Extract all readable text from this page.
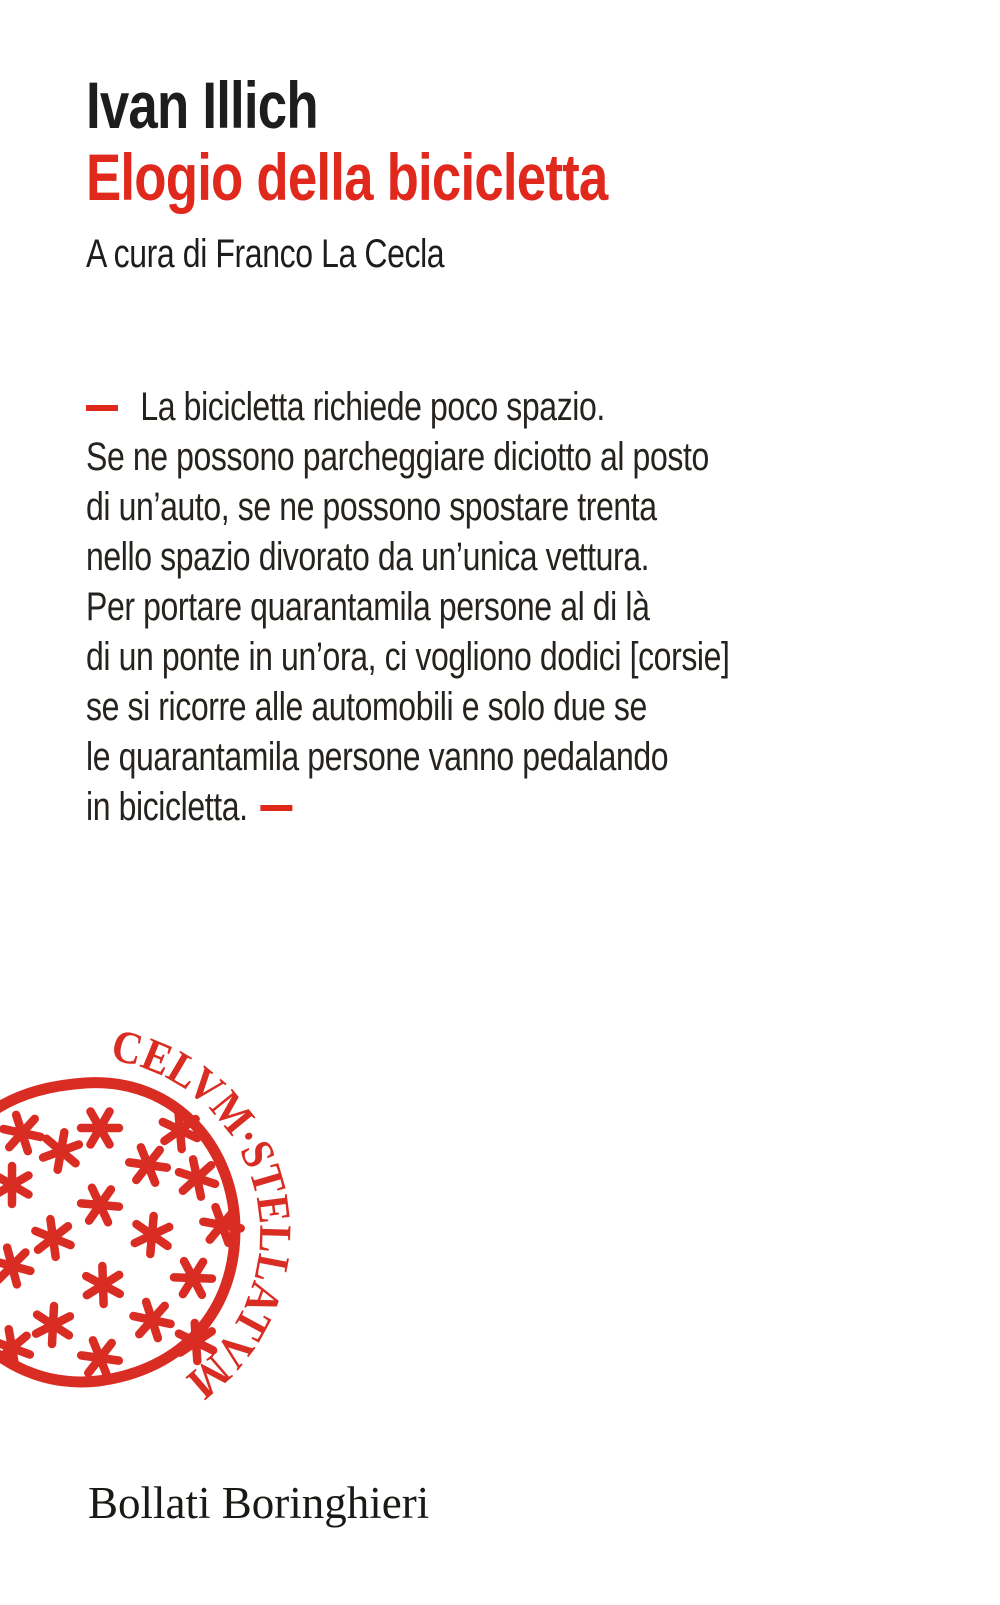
Ivan Illich
Elogio della bicicletta
A cura di Franco La Cecla
La bicicletta richiede poco spazio.
Se ne possono parcheggiare diciotto al posto
di un’auto, se ne possono spostare trenta
nello spazio divorato da un’unica vettura.
Per portare quarantamila persone al di là
di un ponte in un’ora, ci vogliono dodici [corsie]
se si ricorre alle automobili e solo due se
le quarantamila persone vanno pedalando
in bicicletta.
CELVM·STELLATVM
Bollati Boringhieri
